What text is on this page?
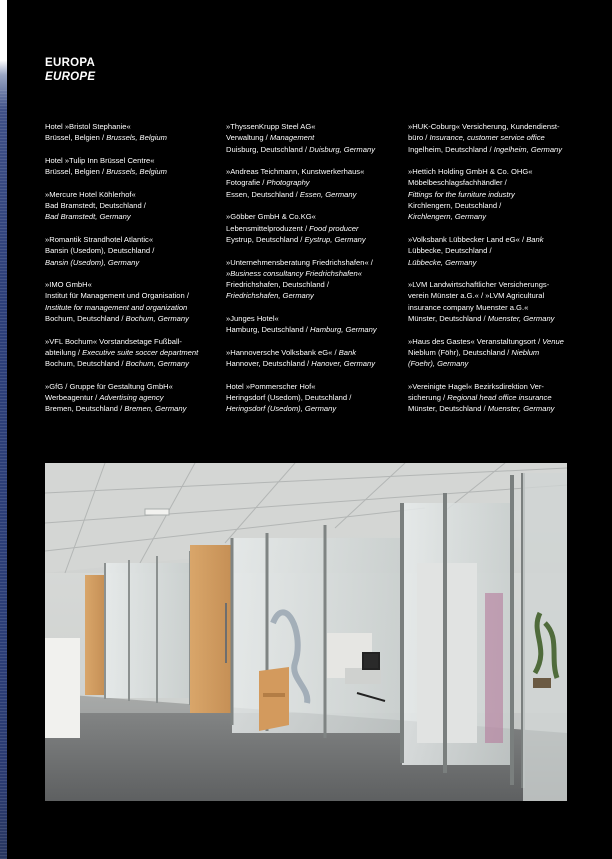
EUROPA
EUROPE
Hotel »Bristol Stephanie«
Brüssel, Belgien / Brussels, Belgium
Hotel »Tulip Inn Brüssel Centre«
Brüssel, Belgien / Brussels, Belgium
»Mercure Hotel Köhlerhof«
Bad Bramstedt, Deutschland /
Bad Bramstedt, Germany
»Romantik Strandhotel Atlantic«
Bansin (Usedom), Deutschland /
Bansin (Usedom), Germany
»IMO GmbH«
Institut für Management und Organisation /
Institute for management and organization
Bochum, Deutschland / Bochum, Germany
»VFL Bochum« Vorstandsetage Fußball-
abteilung / Executive suite soccer department
Bochum, Deutschland / Bochum, Germany
»GfG / Gruppe für Gestaltung GmbH«
Werbeagentur / Advertising agency
Bremen, Deutschland / Bremen, Germany
»ThyssenKrupp Steel AG«
Verwaltung / Management
Duisburg, Deutschland / Duisburg, Germany
»Andreas Teichmann, Kunstwerkerhaus«
Fotografie / Photography
Essen, Deutschland / Essen, Germany
»Göbber GmbH & Co.KG«
Lebensmittelproduzent / Food producer
Eystrup, Deutschland / Eystrup, Germany
»Unternehmensberatung Friedrichshafen« /
»Business consultancy Friedrichshafen«
Friedrichshafen, Deutschland /
Friedrichshafen, Germany
»Junges Hotel«
Hamburg, Deutschland / Hamburg, Germany
»Hannoversche Volksbank eG« / Bank
Hannover, Deutschland / Hanover, Germany
Hotel »Pommerscher Hof«
Heringsdorf (Usedom), Deutschland /
Heringsdorf (Usedom), Germany
»HUK-Coburg« Versicherung, Kundendienst-
büro / Insurance, customer service office
Ingelheim, Deutschland / Ingelheim, Germany
»Hettich Holding GmbH & Co. OHG«
Möbelbeschlagsfachhändler /
Fittings for the furniture industry
Kirchlengern, Deutschland /
Kirchlengern, Germany
»Volksbank Lübbecker Land eG« / Bank
Lübbecke, Deutschland /
Lübbecke, Germany
»LVM Landwirtschaftlicher Versicherungs-
verein Münster a.G.« / »LVM Agricultural
insurance company Muenster a.G.«
Münster, Deutschland / Muenster, Germany
»Haus des Gastes« Veranstaltungsort / Venue
Nieblum (Föhr), Deutschland / Nieblum
(Foehr), Germany
»Vereinigte Hagel« Bezirksdirektion Ver-
sicherung / Regional head office insurance
Münster, Deutschland / Muenster, Germany
